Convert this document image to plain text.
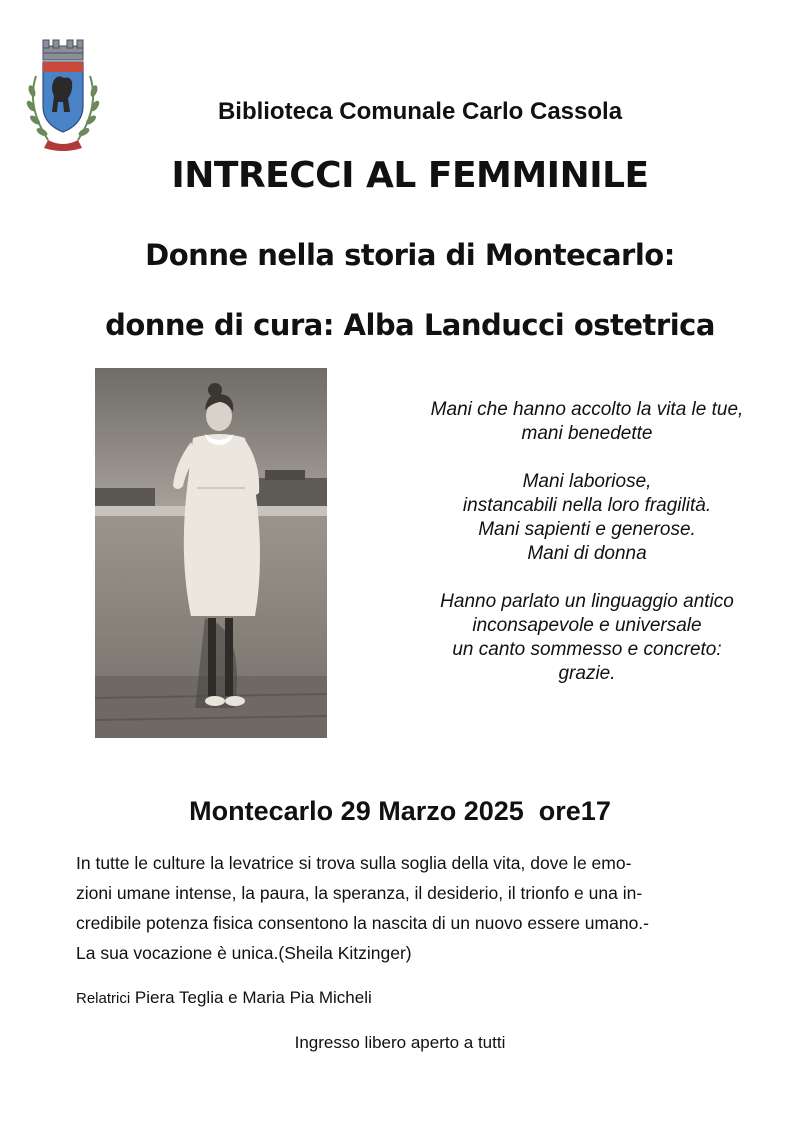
Biblioteca Comunale Carlo Cassola
INTRECCI AL FEMMINILE
Donne nella storia di Montecarlo:
donne di cura: Alba Landucci ostetrica
Mani che hanno accolto la vita le tue,
mani benedette
Mani laboriose,
instancabili nella loro fragilità.
Mani sapienti e generose.
Mani di donna
Hanno parlato un linguaggio antico
inconsapevole e universale
un canto sommesso e concreto:
grazie.
Montecarlo 29 Marzo 2025  ore17
In tutte le culture la levatrice si trova sulla soglia della vita, dove le emo-
zioni umane intense, la paura, la speranza, il desiderio, il trionfo e una in-
credibile potenza fisica consentono la nascita di un nuovo essere umano.-
La sua vocazione è unica.(Sheila Kitzinger)
Relatrici Piera Teglia e Maria Pia Micheli
Ingresso libero aperto a tutti
